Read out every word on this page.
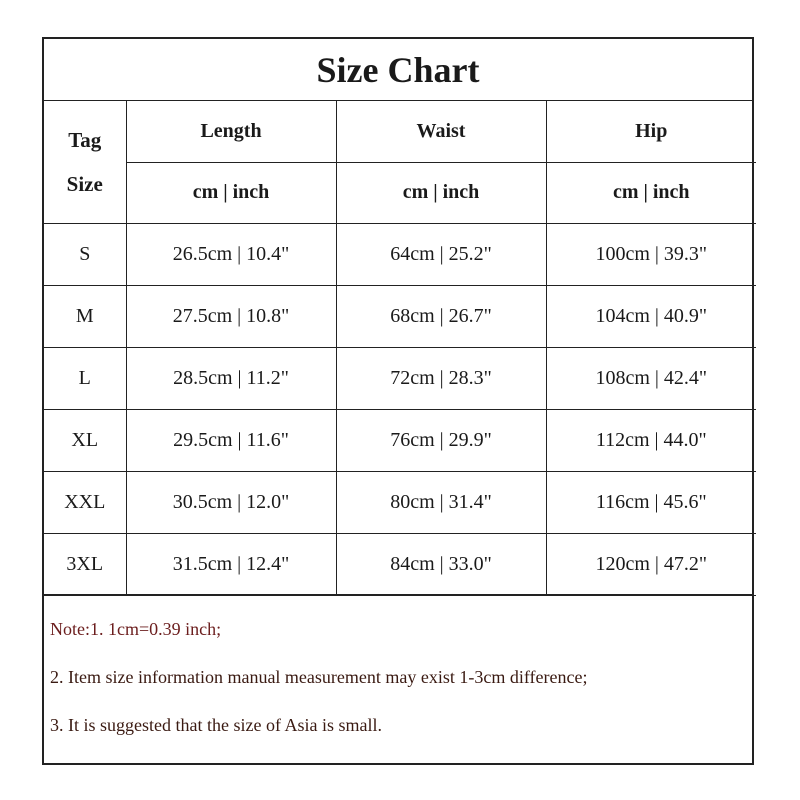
Size Chart
Tag
Size	Length	Waist	Hip
	cm | inch	cm | inch	cm | inch
S	26.5cm | 10.4"	64cm | 25.2"	100cm | 39.3"
M	27.5cm | 10.8"	68cm | 26.7"	104cm | 40.9"
L	28.5cm | 11.2"	72cm | 28.3"	108cm | 42.4"
XL	29.5cm | 11.6"	76cm | 29.9"	112cm | 44.0"
XXL	30.5cm | 12.0"	80cm | 31.4"	116cm | 45.6"
3XL	31.5cm | 12.4"	84cm | 33.0"	120cm | 47.2"
Note:1. 1cm=0.39 inch;
2. Item size information manual measurement may exist 1-3cm difference;
3. It is suggested that the size of Asia is small.
